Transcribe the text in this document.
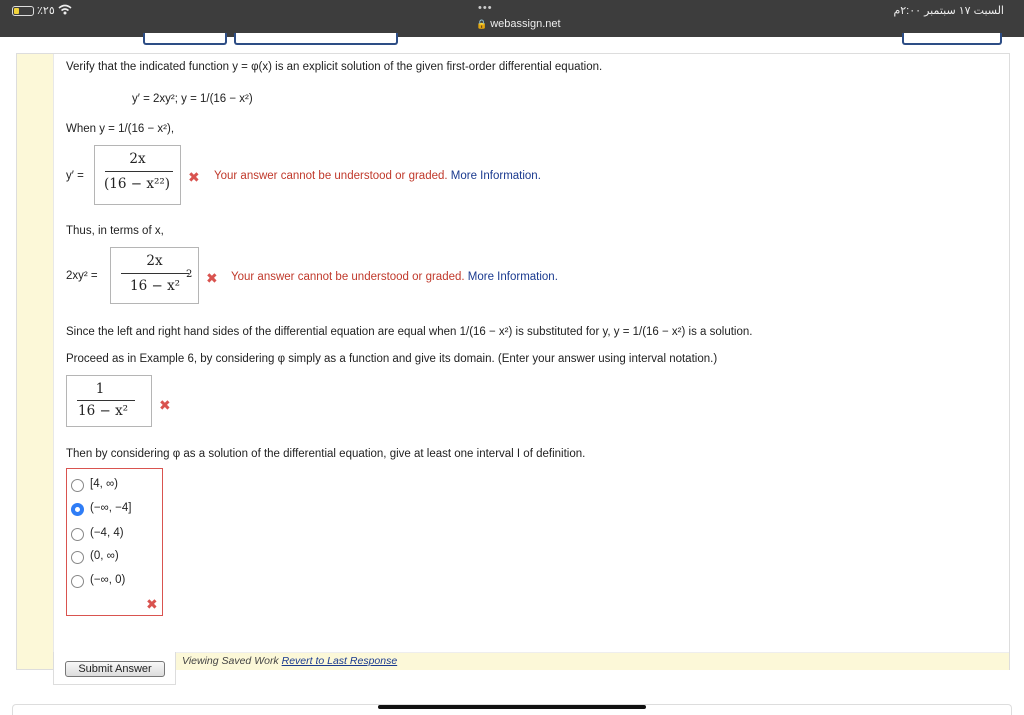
٪٢٥	•••
🔒 webassign.net
السبت ١٧ سبتمبر ٢:٠٠م
Verify that the indicated function y = φ(x) is an explicit solution of the given first-order differential equation.
y′ = 2xy²; y = 1/(16 − x²)
When y = 1/(16 − x²),
y′ =
2x
(16 − x²²) ✖ Your answer cannot be understood or graded. More Information.
Thus, in terms of x,
2xy² =
2x
16 − x²
2 ✖ Your answer cannot be understood or graded. More Information.
Since the left and right hand sides of the differential equation are equal when 1/(16 − x²) is substituted for y, y = 1/(16 − x²) is a solution.
Proceed as in Example 6, by considering φ simply as a function and give its domain. (Enter your answer using interval notation.)
1
16 − x² ✖
Then by considering φ as a solution of the differential equation, give at least one interval I of definition.
[4, ∞)
(−∞, −4]
(−4, 4)
(0, ∞)
(−∞, 0)
✖
Viewing Saved Work Revert to Last Response
Submit Answer
